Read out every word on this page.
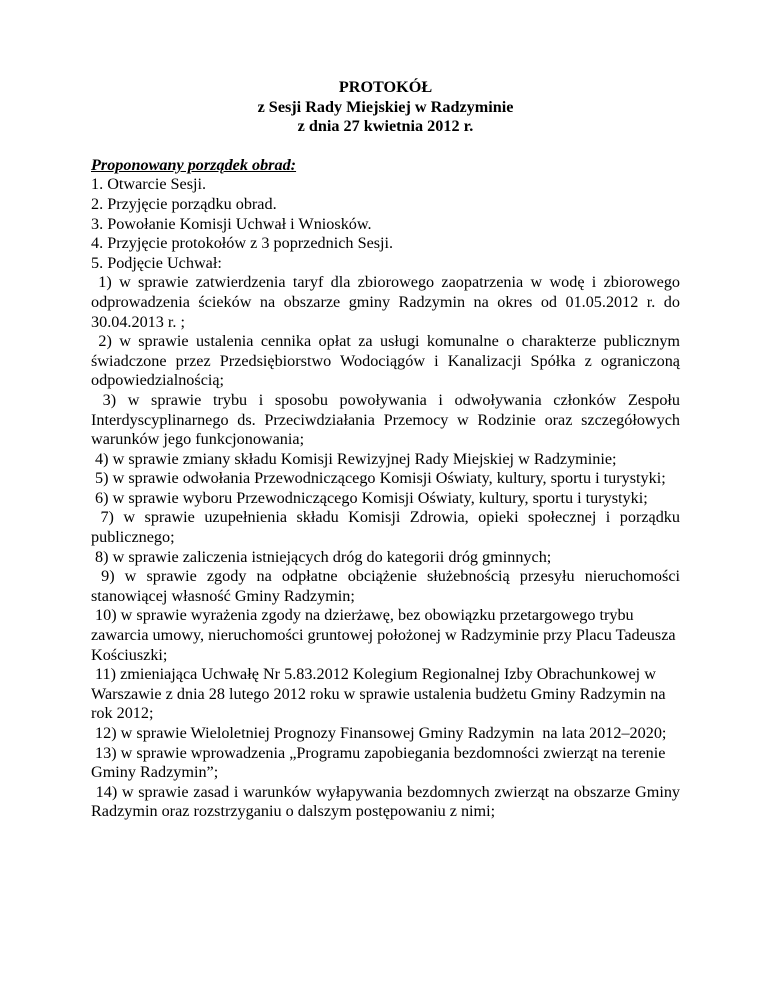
PROTOKÓŁ
z Sesji Rady Miejskiej w Radzyminie
z dnia 27 kwietnia 2012 r.
Proponowany porządek obrad:
1. Otwarcie Sesji.
2. Przyjęcie porządku obrad.
3. Powołanie Komisji Uchwał i Wniosków.
4. Przyjęcie protokołów z 3 poprzednich Sesji.
5. Podjęcie Uchwał:
1) w sprawie zatwierdzenia taryf dla zbiorowego zaopatrzenia w wodę i zbiorowego odprowadzenia ścieków na obszarze gminy Radzymin na okres od 01.05.2012 r. do 30.04.2013 r. ;
2) w sprawie ustalenia cennika opłat za usługi komunalne o charakterze publicznym świadczone przez Przedsiębiorstwo Wodociągów i Kanalizacji Spółka z ograniczoną odpowiedzialnością;
3) w sprawie trybu i sposobu powoływania i odwoływania członków Zespołu Interdyscyplinarnego ds. Przeciwdziałania Przemocy w Rodzinie oraz szczegółowych warunków jego funkcjonowania;
4) w sprawie zmiany składu Komisji Rewizyjnej Rady Miejskiej w Radzyminie;
5) w sprawie odwołania Przewodniczącego Komisji Oświaty, kultury, sportu i turystyki;
6) w sprawie wyboru Przewodniczącego Komisji Oświaty, kultury, sportu i turystyki;
7) w sprawie uzupełnienia składu Komisji Zdrowia, opieki społecznej i porządku publicznego;
8) w sprawie zaliczenia istniejących dróg do kategorii dróg gminnych;
9) w sprawie zgody na odpłatne obciążenie służebnością przesyłu nieruchomości stanowiącej własność Gminy Radzymin;
10) w sprawie wyrażenia zgody na dzierżawę, bez obowiązku przetargowego trybu zawarcia umowy, nieruchomości gruntowej położonej w Radzyminie przy Placu Tadeusza Kościuszki;
11) zmieniająca Uchwałę Nr 5.83.2012 Kolegium Regionalnej Izby Obrachunkowej w Warszawie z dnia 28 lutego 2012 roku w sprawie ustalenia budżetu Gminy Radzymin na rok 2012;
12) w sprawie Wieloletniej Prognozy Finansowej Gminy Radzymin  na lata 2012–2020;
13) w sprawie wprowadzenia „Programu zapobiegania bezdomności zwierząt na terenie Gminy Radzymin”;
14) w sprawie zasad i warunków wyłapywania bezdomnych zwierząt na obszarze Gminy Radzymin oraz rozstrzyganiu o dalszym postępowaniu z nimi;
